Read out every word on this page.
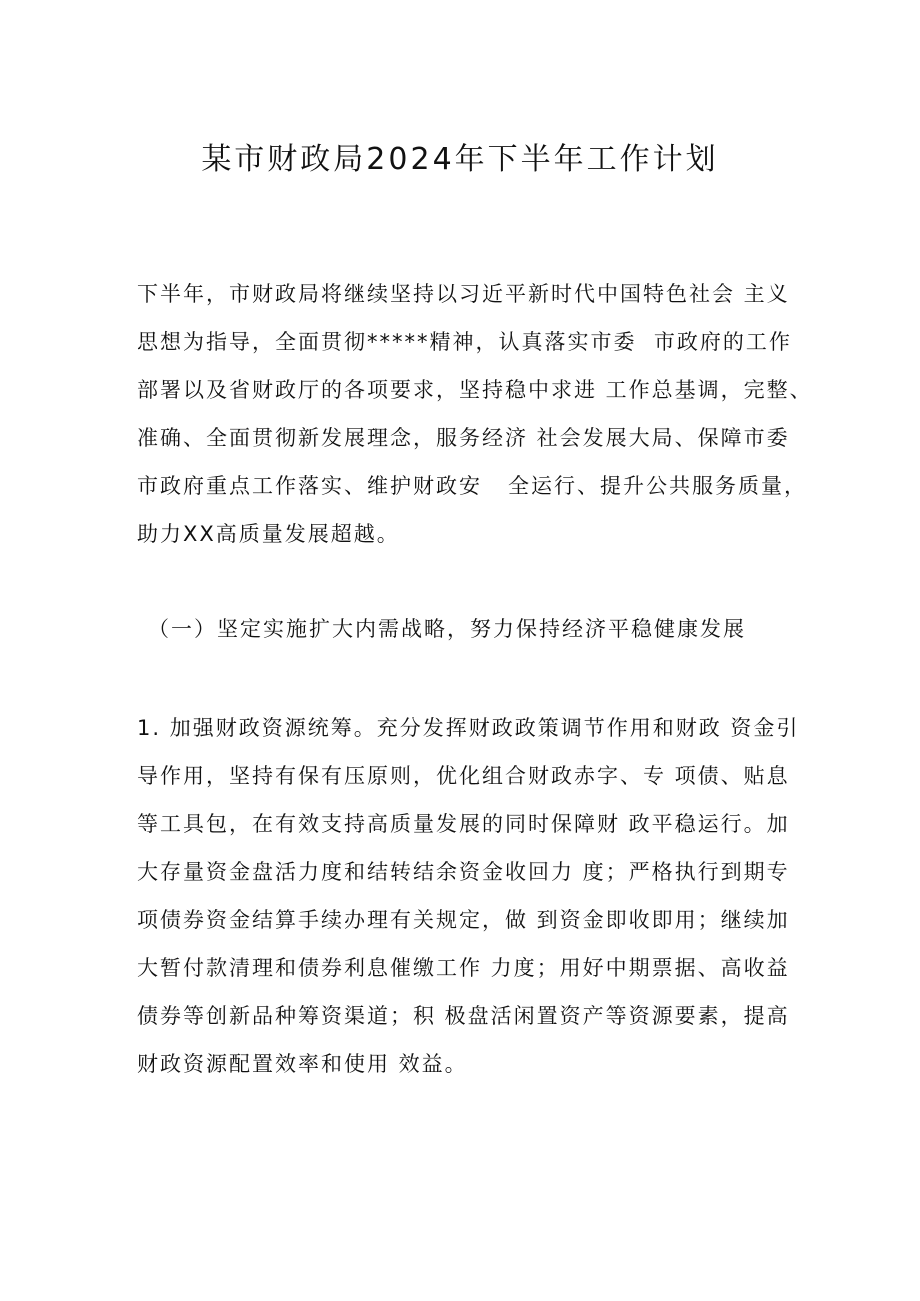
某市财政局2024年下半年工作计划
下半年，市财政局将继续坚持以习近平新时代中国特色社会 主义
思想为指导，全面贯彻*****精神，认真落实市委  市政府的工作
部署以及省财政厅的各项要求，坚持稳中求进 工作总基调，完整、
准确、全面贯彻新发展理念，服务经济 社会发展大局、保障市委
市政府重点工作落实、维护财政安   全运行、提升公共服务质量，
助力XX高质量发展超越。
（一）坚定实施扩大内需战略，努力保持经济平稳健康发展
1. 加强财政资源统筹。充分发挥财政政策调节作用和财政 资金引
导作用，坚持有保有压原则，优化组合财政赤字、专 项债、贴息
等工具包，在有效支持高质量发展的同时保障财 政平稳运行。加
大存量资金盘活力度和结转结余资金收回力 度；严格执行到期专
项债券资金结算手续办理有关规定，做 到资金即收即用；继续加
大暂付款清理和债券利息催缴工作 力度；用好中期票据、高收益
债券等创新品种筹资渠道；积 极盘活闲置资产等资源要素，提高
财政资源配置效率和使用 效益。
